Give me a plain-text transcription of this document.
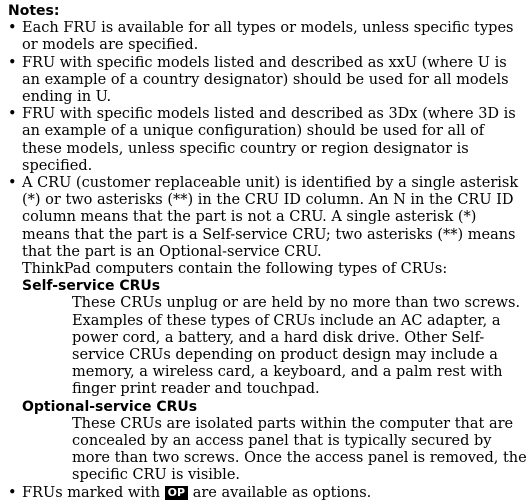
Notes:
• Each FRU is available for all types or models, unless specific types or models are specified.
• FRU with specific models listed and described as xxU (where U is an example of a country designator) should be used for all models ending in U.
• FRU with specific models listed and described as 3Dx (where 3D is an example of a unique configuration) should be used for all of these models, unless specific country or region designator is specified.
• A CRU (customer replaceable unit) is identified by a single asterisk (*) or two asterisks (**) in the CRU ID column. An N in the CRU ID column means that the part is not a CRU. A single asterisk (*) means that the part is a Self-service CRU; two asterisks (**) means that the part is an Optional-service CRU.
ThinkPad computers contain the following types of CRUs:
Self-service CRUs
These CRUs unplug or are held by no more than two screws. Examples of these types of CRUs include an AC adapter, a power cord, a battery, and a hard disk drive. Other Self-service CRUs depending on product design may include a memory, a wireless card, a keyboard, and a palm rest with finger print reader and touchpad.
Optional-service CRUs
These CRUs are isolated parts within the computer that are concealed by an access panel that is typically secured by more than two screws. Once the access panel is removed, the specific CRU is visible.
• FRUs marked with OP are available as options.
